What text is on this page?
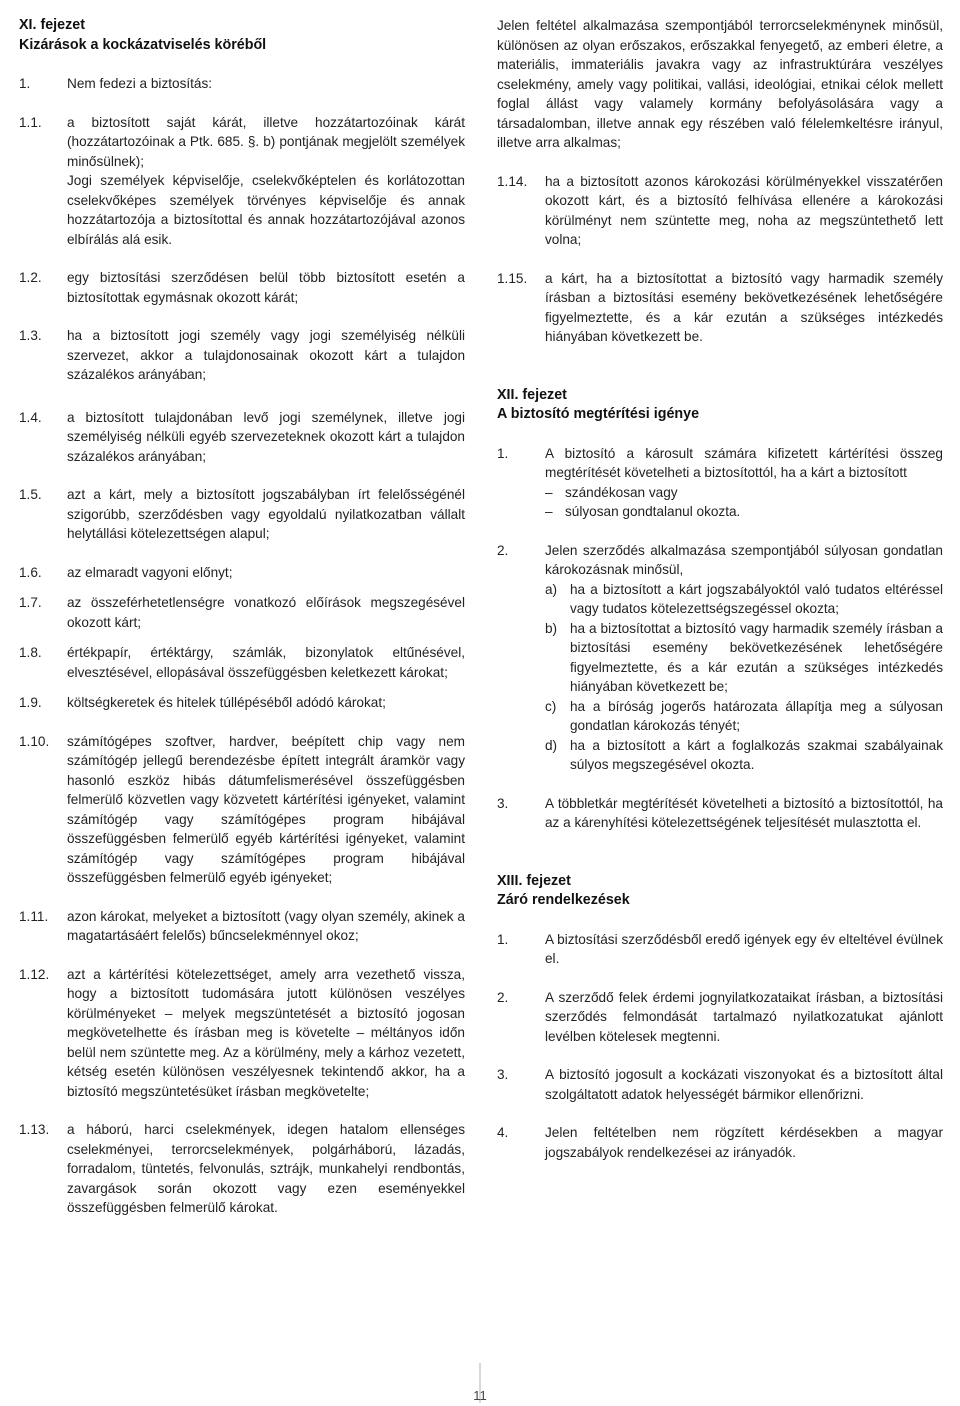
XI. fejezet
Kizárások a kockázatviselés köréből
1.	Nem fedezi a biztosítás:
1.1.	a biztosított saját kárát, illetve hozzátartozóinak kárát (hozzátartozóinak a Ptk. 685. §. b) pontjának megjelölt személyek minősülnek);
Jogi személyek képviselője, cselekvőképtelen és korlátozottan cselekvőképes személyek törvényes képviselője és annak hozzátartozója a biztosítottal és annak hozzátartozójával azonos elbírálás alá esik.
1.2.	egy biztosítási szerződésen belül több biztosított esetén a biztosítottak egymásnak okozott kárát;
1.3.	ha a biztosított jogi személy vagy jogi személyiség nélküli szervezet, akkor a tulajdonosainak okozott kárt a tulajdon százalékos arányában;
1.4.	a biztosított tulajdonában levő jogi személynek, illetve jogi személyiség nélküli egyéb szervezeteknek okozott kárt a tulajdon százalékos arányában;
1.5.	azt a kárt, mely a biztosított jogszabályban írt felelősségénél szigorúbb, szerződésben vagy egyoldalú nyilatkozatban vállalt helytállási kötelezettségen alapul;
1.6.	az elmaradt vagyoni előnyt;
1.7.	az összeférhetetlenségre vonatkozó előírások megszegésével okozott kárt;
1.8.	értékpapír, értéktárgy, számlák, bizonylatok eltűnésével, elvesztésével, ellopásával összefüggésben keletkezett károkat;
1.9.	költségkeretek és hitelek túllépéséből adódó károkat;
1.10.	számítógépes szoftver, hardver, beépített chip vagy nem számítógép jellegű berendezésbe épített integrált áramkör vagy hasonló eszköz hibás dátumfelismerésével összefüggésben felmerülő közvetlen vagy közvetett kártérítési igényeket, valamint számítógép vagy számítógépes program hibájával összefüggésben felmerülő egyéb kártérítési igényeket, valamint számítógép vagy számítógépes program hibájával összefüggésben felmerülő egyéb igényeket;
1.11.	azon károkat, melyeket a biztosított (vagy olyan személy, akinek a magatartásáért felelős) bűncselekménnyel okoz;
1.12.	azt a kártérítési kötelezettséget, amely arra vezethető vissza, hogy a biztosított tudomására jutott különösen veszélyes körülményeket – melyek megszüntetését a biztosító jogosan megkövetelhette és írásban meg is követelte – méltányos időn belül nem szüntette meg. Az a körülmény, mely a kárhoz vezetett, kétség esetén különösen veszélyesnek tekintendő akkor, ha a biztosító megszüntetésüket írásban megkövetelte;
1.13.	a háború, harci cselekmények, idegen hatalom ellenséges cselekményei, terrorcselekmények, polgárháború, lázadás, forradalom, tüntetés, felvonulás, sztrájk, munkahelyi rendbontás, zavargások során okozott vagy ezen eseményekkel összefüggésben felmerülő károkat.
Jelen feltétel alkalmazása szempontjából terrorcselekménynek minősül, különösen az olyan erőszakos, erőszakkal fenyegető, az emberi életre, a materiális, immateriális javakra vagy az infrastruktúrára veszélyes cselekmény, amely vagy politikai, vallási, ideológiai, etnikai célok mellett foglal állást vagy valamely kormány befolyásolására vagy a társadalomban, illetve annak egy részében való félelemkeltésre irányul, illetve arra alkalmas;
1.14.	ha a biztosított azonos károkozási körülményekkel visszatérően okozott kárt, és a biztosító felhívása ellenére a károkozási körülményt nem szüntette meg, noha az megszüntethető lett volna;
1.15.	a kárt, ha a biztosítottat a biztosító vagy harmadik személy írásban a biztosítási esemény bekövetkezésének lehetőségére figyelmeztette, és a kár ezután a szükséges intézkedés hiányában következett be.
XII. fejezet
A biztosító megtérítési igénye
1.	A biztosító a károsult számára kifizetett kártérítési összeg megtérítését követelheti a biztosítottól, ha a kárt a biztosított
– szándékosan vagy
– súlyosan gondtalanul okozta.
2.	Jelen szerződés alkalmazása szempontjából súlyosan gondatlan károkozásnak minősül,
a) ha a biztosított a kárt jogszabályoktól való tudatos eltéréssel vagy tudatos kötelezettségszegéssel okozta;
b) ha a biztosítottat a biztosító vagy harmadik személy írásban a biztosítási esemény bekövetkezésének lehetőségére figyelmeztette, és a kár ezután a szükséges intézkedés hiányában következett be;
c)	ha a bíróság jogerős határozata állapítja meg a súlyosan gondatlan károkozás tényét;
d) ha a biztosított a kárt a foglalkozás szakmai szabályainak súlyos megszegésével okozta.
3.	A többletkár megtérítését követelheti a biztosító a biztosítottól, ha az a kárenyhítési kötelezettségének teljesítését mulasztotta el.
XIII. fejezet
Záró rendelkezések
1.	A biztosítási szerződésből eredő igények egy év elteltével évülnek el.
2.	A szerződő felek érdemi jognyilatkozataikat írásban, a biztosítási szerződés felmondását tartalmazó nyilatkozatukat ajánlott levélben kötelesek megtenni.
3.	A biztosító jogosult a kockázati viszonyokat és a biztosított által szolgáltatott adatok helyességét bármikor ellenőrizni.
4.	Jelen feltételben nem rögzített kérdésekben a magyar jogszabályok rendelkezései az irányadók.
11
